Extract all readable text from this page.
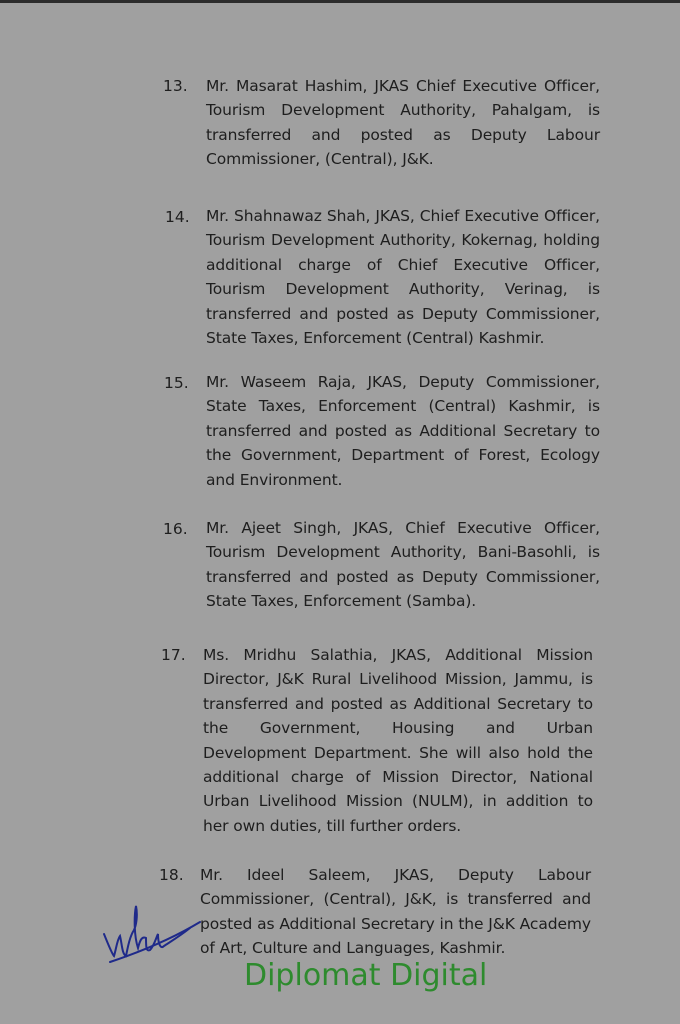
13. Mr. Masarat Hashim, JKAS Chief Executive Officer, Tourism Development Authority, Pahalgam, is transferred and posted as Deputy Labour Commissioner, (Central), J&K.
14. Mr. Shahnawaz Shah, JKAS, Chief Executive Officer, Tourism Development Authority, Kokernag, holding additional charge of Chief Executive Officer, Tourism Development Authority, Verinag, is transferred and posted as Deputy Commissioner, State Taxes, Enforcement (Central) Kashmir.
15. Mr. Waseem Raja, JKAS, Deputy Commissioner, State Taxes, Enforcement (Central) Kashmir, is transferred and posted as Additional Secretary to the Government, Department of Forest, Ecology and Environment.
16. Mr. Ajeet Singh, JKAS, Chief Executive Officer, Tourism Development Authority, Bani-Basohli, is transferred and posted as Deputy Commissioner, State Taxes, Enforcement (Samba).
17. Ms. Mridhu Salathia, JKAS, Additional Mission Director, J&K Rural Livelihood Mission, Jammu, is transferred and posted as Additional Secretary to the Government, Housing and Urban Development Department. She will also hold the additional charge of Mission Director, National Urban Livelihood Mission (NULM), in addition to her own duties, till further orders.
18. Mr. Ideel Saleem, JKAS, Deputy Labour Commissioner, (Central), J&K, is transferred and posted as Additional Secretary in the J&K Academy of Art, Culture and Languages, Kashmir.
Diplomat Digital
